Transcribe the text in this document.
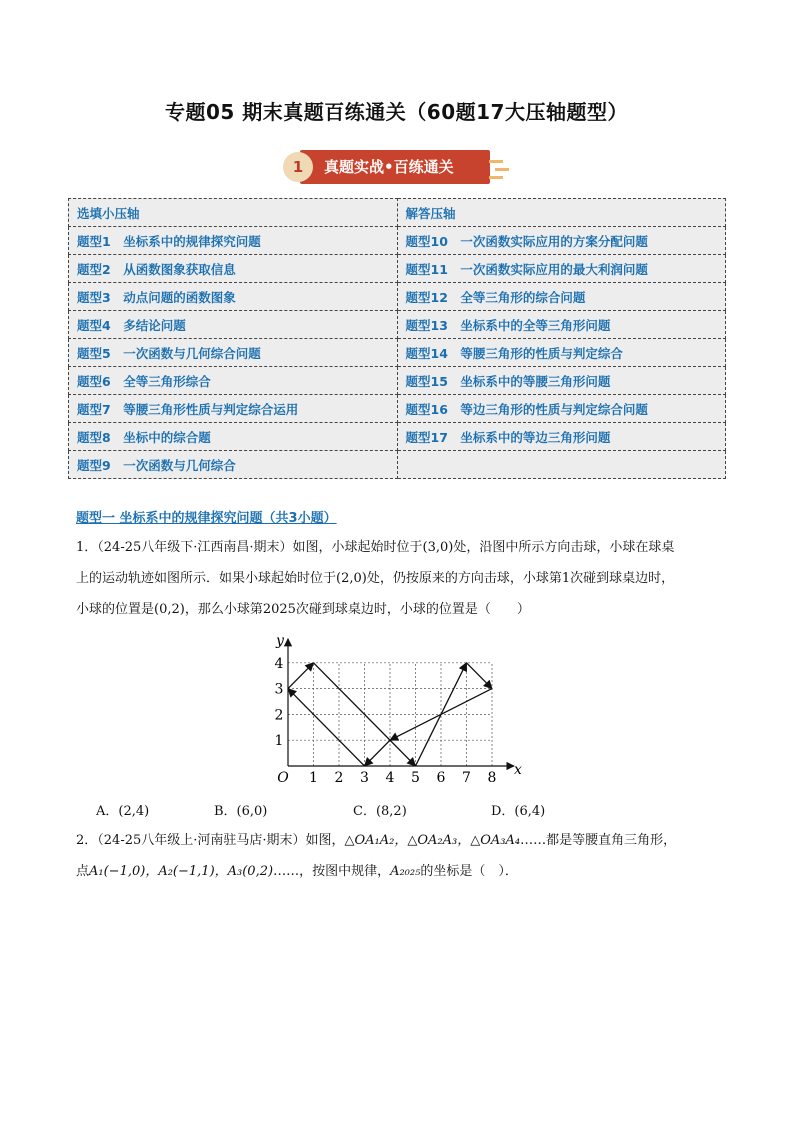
专题05 期末真题百练通关（60题17大压轴题型）
真题实战•百练通关
1
选填小压轴	解答压轴
题型1　坐标系中的规律探究问题	题型10　一次函数实际应用的方案分配问题
题型2　从函数图象获取信息	题型11　一次函数实际应用的最大利润问题
题型3　动点问题的函数图象	题型12　全等三角形的综合问题
题型4　多结论问题	题型13　坐标系中的全等三角形问题
题型5　一次函数与几何综合问题	题型14　等腰三角形的性质与判定综合
题型6　全等三角形综合	题型15　坐标系中的等腰三角形问题
题型7　等腰三角形性质与判定综合运用	题型16　等边三角形的性质与判定综合问题
题型8　坐标中的综合题	题型17　坐标系中的等边三角形问题
题型9　一次函数与几何综合	
题型一 坐标系中的规律探究问题（共3小题）
1．（24-25八年级下·江西南昌·期末）如图，小球起始时位于(3,0)处，沿图中所示方向击球，小球在球桌
上的运动轨迹如图所示．如果小球起始时位于(2,0)处，仍按原来的方向击球，小球第1次碰到球桌边时，
小球的位置是(0,2)，那么小球第2025次碰到球桌边时，小球的位置是（　　）
1 2 3 4 5 6 7 8
1
2
3
4
O	x
y
A．(2,4)	B．(6,0)	C．(8,2)	D．(6,4)
2．（24-25八年级上·河南驻马店·期末）如图，△OA₁A₂，△OA₂A₃，△OA₃A₄……都是等腰直角三角形，
点A₁(−1,0)，A₂(−1,1)，A₃(0,2)……，按图中规律，A₂₀₂₅的坐标是（　）．
